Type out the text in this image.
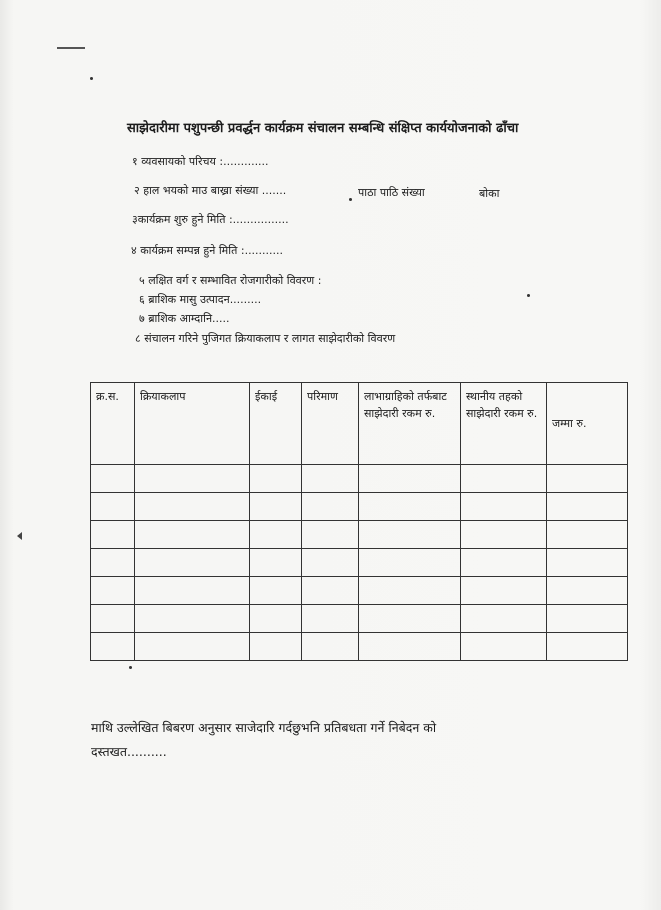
साझेदारीमा पशुपन्छी प्रवर्द्धन कार्यक्रम संचालन सम्बन्धि संक्षिप्त कार्ययोजनाको ढाँचा
१ व्यवसायको परिचय :.............
२ हाल भयको माउ बाख्रा संख्या .......	पाठा पाठि संख्या	बोका
३कार्यक्रम शुरु हुने मिति :................
४ कार्यक्रम सम्पन्न हुने मिति :...........
५ लक्षित वर्ग र सम्भावित रोजगारीको विवरण :
६ ब्राशिक मासु उत्पादन.........
७ ब्राशिक आम्दानि.....
८ संचालन गरिने पुजिगत क्रियाकलाप र लागत साझेदारीको विवरण
क्र.स.	क्रियाकलाप	ईकाई	परिमाण	लाभाग्राहिको तर्फबाट साझेदारी रकम रु.	स्थानीय तहको साझेदारी रकम रु.	जम्मा रु.

माथि उल्लेखित बिबरण अनुसार साजेदारि गर्दछुभनि प्रतिबधता गर्ने निबेदन को
दस्तखत..........
